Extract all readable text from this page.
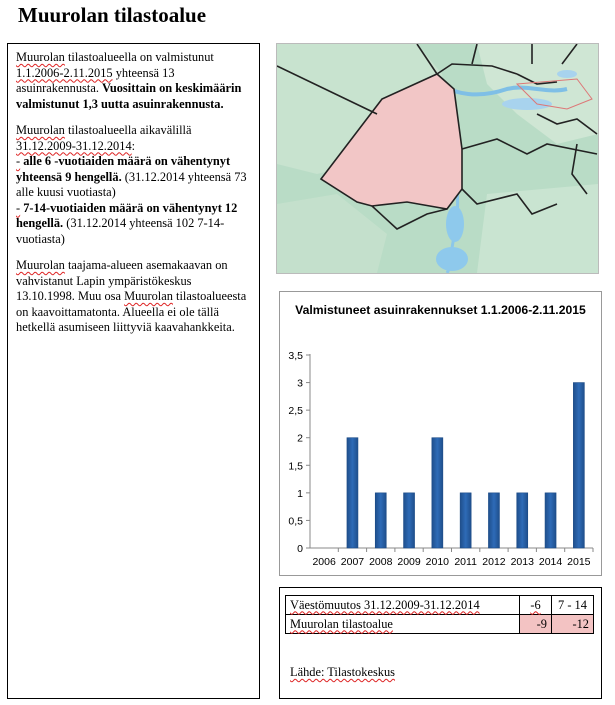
Muurolan tilastoalue

Muurolan tilastoalueella on valmistunut 1.1.2006-2.11.2015 yhteensä 13 asuinrakennusta. Vuosittain on keskimäärin valmistunut 1,3 uutta asuinrakennusta.

Muurolan tilastoalueella aikavälillä 31.12.2009-31.12.2014:

- alle 6 -vuotiaiden määrä on vähentynyt yhteensä 9 hengellä. (31.12.2014 yhteensä 73 alle kuusi vuotiasta)

- 7-14-vuotiaiden määrä on vähentynyt 12 hengellä. (31.12.2014 yhteensä 102 7-14-vuotiasta)

Muurolan taajama-alueen asemakaavan on vahvistanut Lapin ympäristökeskus 13.10.1998. Muu osa Muurolan tilastoalueesta on kaavoittamatonta. Alueella ei ole tällä hetkellä asumiseen liittyviä kaavahankkeita.

Valmistuneet asuinrakennukset 1.1.2006-2.11.2015
0
0,5
1
1,5
2
2,5
3
3,5
2006 2007 2008 2009 2010 2011 2012 2013 2014 2015
Väestömuutos 31.12.2009-31.12.2014	-6	7 - 14
Muurolan tilastoalue	-9	-12
Lähde: Tilastokeskus
